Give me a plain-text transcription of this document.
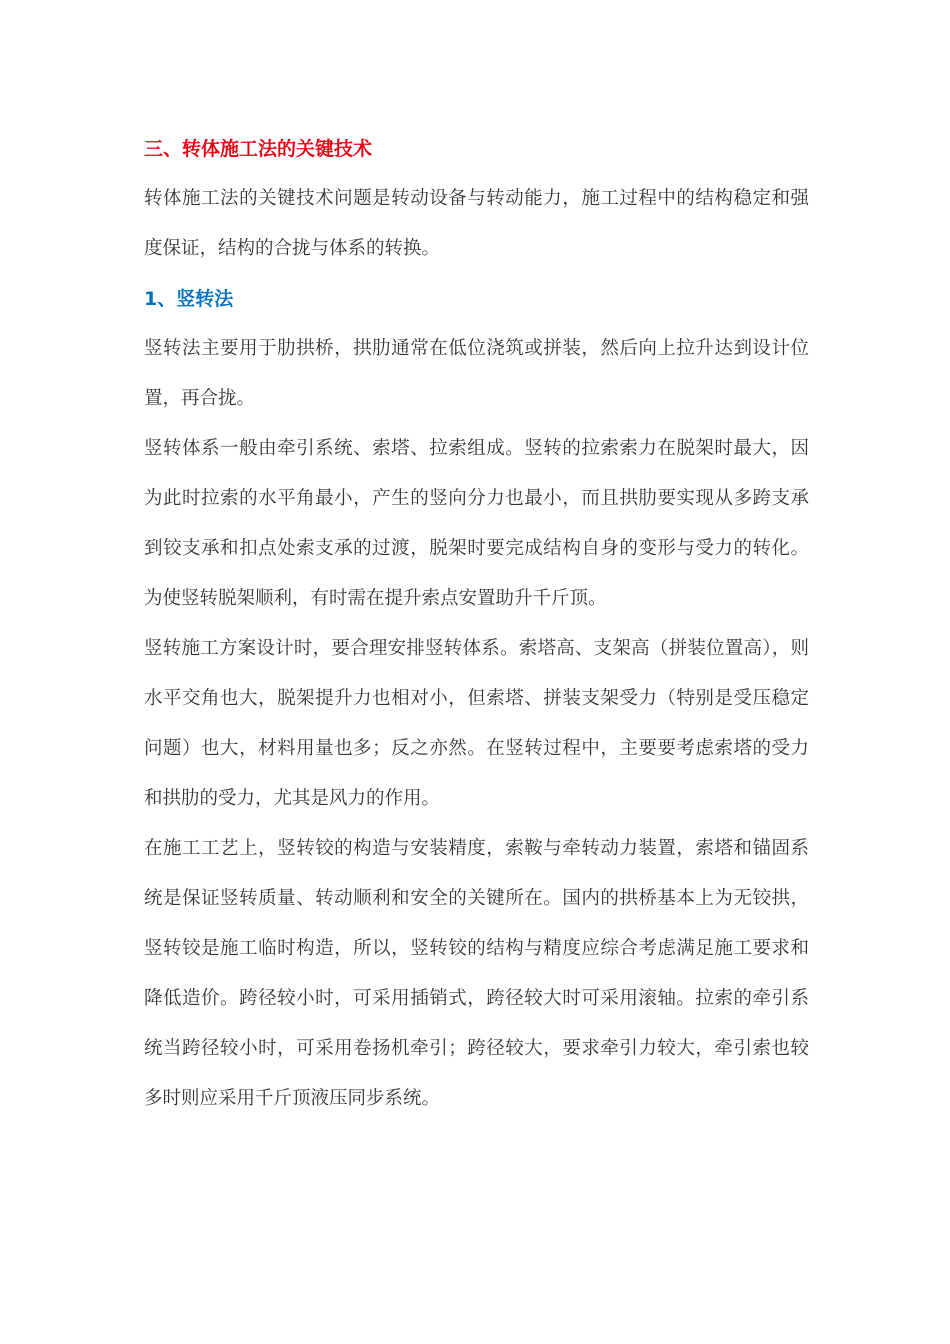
三、转体施工法的关键技术

转体施工法的关键技术问题是转动设备与转动能力，施工过程中的结构稳定和强度保证，结构的合拢与体系的转换。

1、竖转法

竖转法主要用于肋拱桥，拱肋通常在低位浇筑或拼装，然后向上拉升达到设计位置，再合拢。

竖转体系一般由牵引系统、索塔、拉索组成。竖转的拉索索力在脱架时最大，因为此时拉索的水平角最小，产生的竖向分力也最小，而且拱肋要实现从多跨支承到铰支承和扣点处索支承的过渡，脱架时要完成结构自身的变形与受力的转化。为使竖转脱架顺利，有时需在提升索点安置助升千斤顶。

竖转施工方案设计时，要合理安排竖转体系。索塔高、支架高（拼装位置高），则水平交角也大，脱架提升力也相对小，但索塔、拼装支架受力（特别是受压稳定问题）也大，材料用量也多；反之亦然。在竖转过程中，主要要考虑索塔的受力和拱肋的受力，尤其是风力的作用。

在施工工艺上，竖转铰的构造与安装精度，索鞍与牵转动力装置，索塔和锚固系统是保证竖转质量、转动顺利和安全的关键所在。国内的拱桥基本上为无铰拱，竖转铰是施工临时构造，所以，竖转铰的结构与精度应综合考虑满足施工要求和降低造价。跨径较小时，可采用插销式，跨径较大时可采用滚轴。拉索的牵引系统当跨径较小时，可采用卷扬机牵引；跨径较大，要求牵引力较大，牵引索也较多时则应采用千斤顶液压同步系统。
